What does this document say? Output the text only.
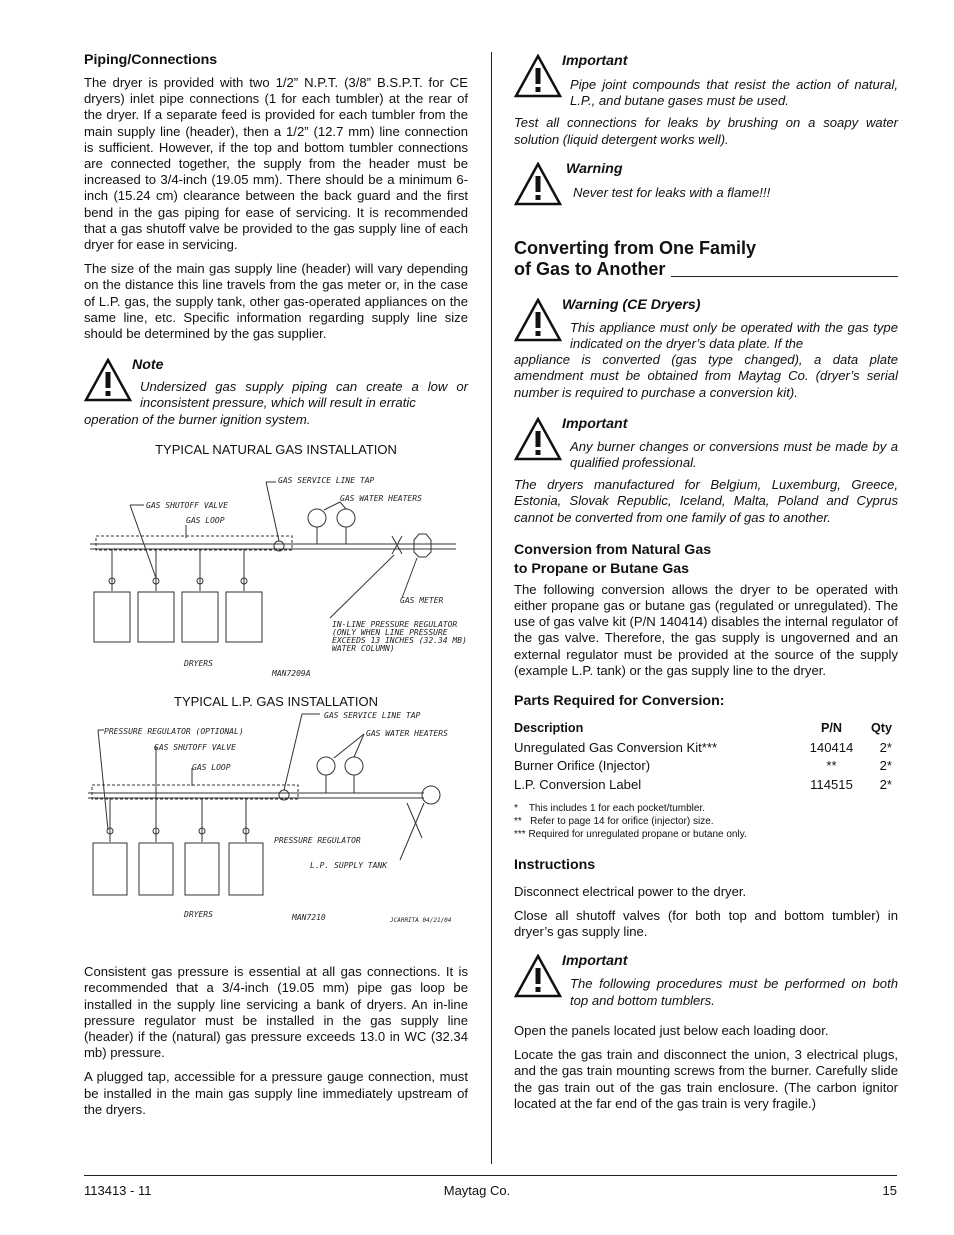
Piping/Connections

The dryer is provided with two 1/2” N.P.T. (3/8” B.S.P.T. for CE dryers) inlet pipe connections (1 for each tumbler) at the rear of the dryer. If a separate feed is provided for each tumbler from the main supply line (header), then a 1/2” (12.7 mm) line connection is sufficient. However, if the top and bottom tumbler connections are connected together, the supply from the header must be increased to 3/4-inch (19.05 mm). There should be a minimum 6-inch (15.24 cm) clearance between the back guard and the first bend in the gas piping for ease of servicing. It is recommended that a gas shutoff valve be provided to the gas supply line of each dryer for ease in servicing.

The size of the main gas supply line (header) will vary depending on the distance this line travels from the gas meter or, in the case of L.P. gas, the supply tank, other gas-operated appliances on the same line, etc. Specific information regarding supply line size should be determined by the gas supplier.

Note
Undersized gas supply piping can create a low or inconsistent pressure, which will result in erratic
operation of the burner ignition system.

TYPICAL NATURAL GAS INSTALLATION

GAS SERVICE LINE TAP
GAS SHUTOFF VALVE
GAS LOOP
GAS WATER HEATERS
GAS METER
IN-LINE PRESSURE REGULATOR
(ONLY WHEN LINE PRESSURE
EXCEEDS 13 INCHES (32.34 MB)
WATER COLUMN)
DRYERS
MAN7209A

TYPICAL L.P. GAS INSTALLATION

GAS SERVICE LINE TAP
PRESSURE REGULATOR (OPTIONAL)
GAS SHUTOFF VALVE
GAS LOOP
GAS WATER HEATERS
PRESSURE REGULATOR
L.P. SUPPLY TANK
DRYERS	MAN7210	JCARRITA 04/21/04

Consistent gas pressure is essential at all gas connections. It is recommended that a 3/4-inch (19.05 mm) pipe gas loop be installed in the supply line servicing a bank of dryers. An in-line pressure regulator must be installed in the gas supply line (header) if the (natural) gas pressure exceeds 13.0 in WC (32.34 mb) pressure.

A plugged tap, accessible for a pressure gauge connection, must be installed in the main gas supply line immediately upstream of the dryers.

Important
Pipe joint compounds that resist the action of natural, L.P., and butane gases must be used.

Test all connections for leaks by brushing on a soapy water solution (liquid detergent works well).

Warning
Never test for leaks with a flame!!!
Converting from One Family
of Gas to Another
Warning (CE Dryers)
This appliance must only be operated with the gas type indicated on the dryer’s data plate. If the
appliance is converted (gas type changed), a data plate amendment must be obtained from Maytag Co. (dryer’s serial number is required to purchase a conversion kit).
Important
Any burner changes or conversions must be made by a qualified professional.

The dryers manufactured for Belgium, Luxemburg, Greece, Estonia, Slovak Republic, Iceland, Malta, Poland and Cyprus cannot be converted from one family of gas to another.

Conversion from Natural Gas
to Propane or Butane Gas

The following conversion allows the dryer to be operated with either propane gas or butane gas (regulated or unregulated). The use of gas valve kit (P/N 140414) disables the internal regulator of the gas valve. Therefore, the gas supply is ungoverned and an external regulator must be provided at the source of the supply (example L.P. tank) or the gas supply line to the dryer.

Parts Required for Conversion:
Description	P/N	Qty
Unregulated Gas Conversion Kit***	140414	2*
Burner Orifice (Injector)	**	2*
L.P. Conversion Label	114515	2*
*    This includes 1 for each pocket/tumbler.
**   Refer to page 14 for orifice (injector) size.
*** Required for unregulated propane or butane only.
Instructions

Disconnect electrical power to the dryer.

Close all shutoff valves (for both top and bottom tumbler) in dryer’s gas supply line.

Important
The following procedures must be performed on both top and bottom tumblers.

Open the panels located just below each loading door.

Locate the gas train and disconnect the union, 3 electrical plugs, and the gas train mounting screws from the burner. Carefully slide the gas train out of the gas train enclosure. (The carbon ignitor located at the far end of the gas train is very fragile.)

113413 - 11	Maytag Co.	15
